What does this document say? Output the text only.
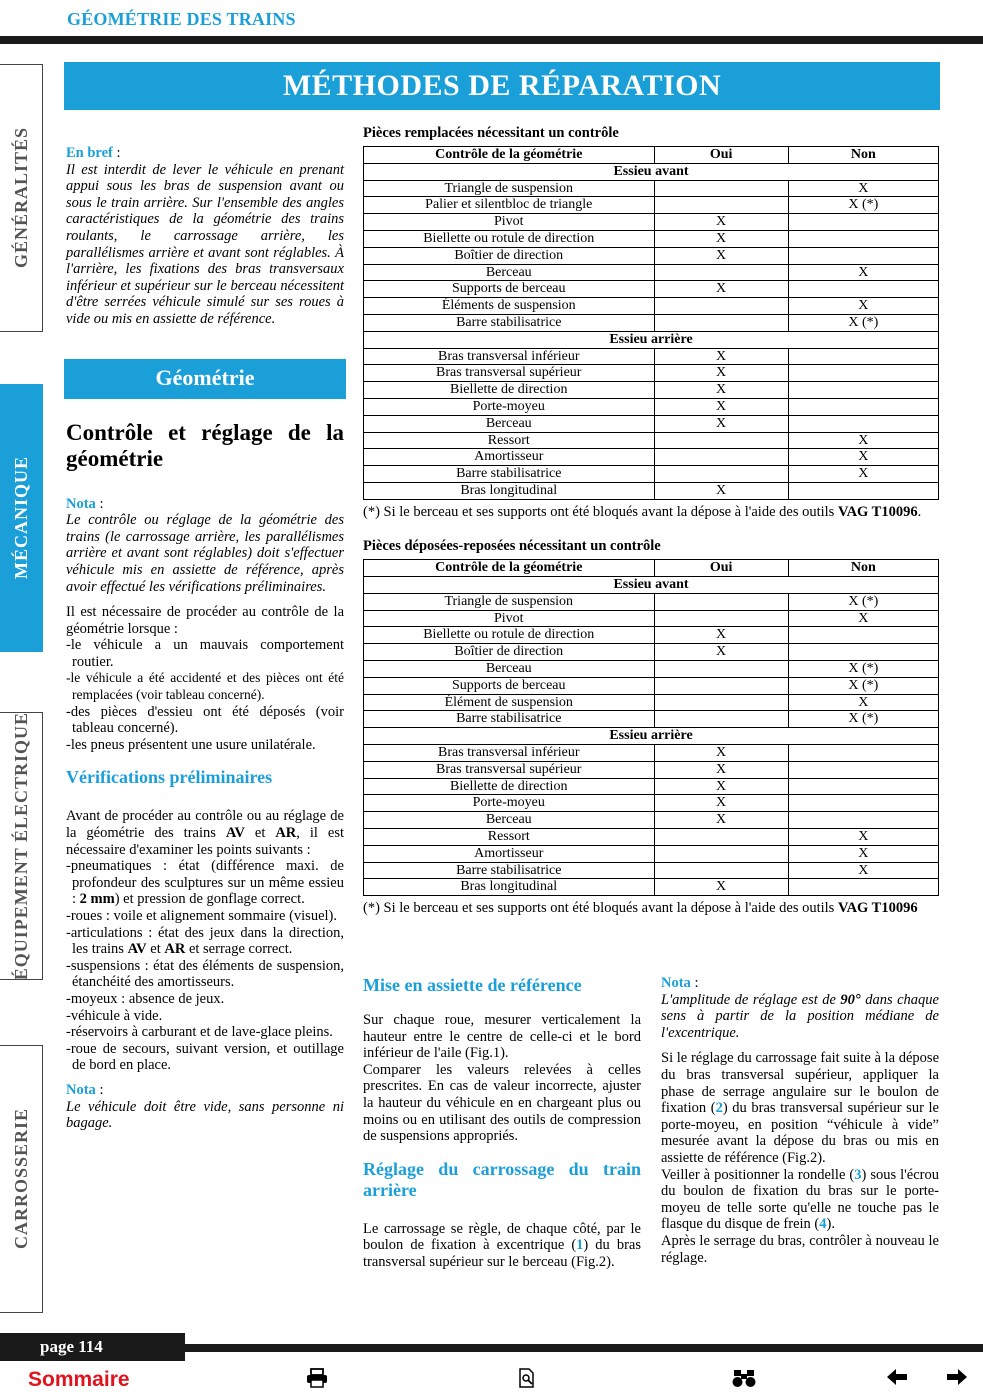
GÉOMÉTRIE DES TRAINS
GÉNÉRALITÉS
MÉCANIQUE
ÉQUIPEMENT ÉLECTRIQUE
CARROSSERIE
MÉTHODES DE RÉPARATION
En bref :

Il est interdit de lever le véhicule en prenant appui sous les bras de suspension avant ou sous le train arrière. Sur l'ensemble des angles caractéristiques de la géométrie des trains roulants, le carrossage arrière, les parallélismes arrière et avant sont réglables. À l'arrière, les fixations des bras transversaux inférieur et supérieur sur le berceau nécessitent d'être serrées véhicule simulé sur ses roues à vide ou mis en assiette de référence.

Géométrie
Contrôle et réglage de la géométrie
Nota :

Le contrôle ou réglage de la géométrie des trains (le carrossage arrière, les parallélismes arrière et avant sont réglables) doit s'effectuer véhicule mis en assiette de référence, après avoir effectué les vérifications préliminaires.

Il est nécessaire de procéder au contrôle de la géométrie lorsque :

-le véhicule a un mauvais comportement routier.
-le véhicule a été accidenté et des pièces ont été remplacées (voir tableau concerné).
-des pièces d'essieu ont été déposés (voir tableau concerné).
-les pneus présentent une usure unilatérale.
Vérifications préliminaires

Avant de procéder au contrôle ou au réglage de la géométrie des trains AV et AR, il est nécessaire d'examiner les points suivants :

-pneumatiques : état (différence maxi. de profondeur des sculptures sur un même essieu : 2 mm) et pression de gonflage correct.
-roues : voile et alignement sommaire (visuel).
-articulations : état des jeux dans la direction, les trains AV et AR et serrage correct.
-suspensions : état des éléments de suspension, étanchéité des amortisseurs.
-moyeux : absence de jeux.
-véhicule à vide.
-réservoirs à carburant et de lave-glace pleins.
-roue de secours, suivant version, et outillage de bord en place.
Nota :

Le véhicule doit être vide, sans personne ni bagage.

Pièces remplacées nécessitant un contrôle
Contrôle de la géométrie	Oui	Non
Essieu avant		
Triangle de suspension		X
Palier et silentbloc de triangle		X (*)
Pivot	X	
Biellette ou rotule de direction	X	
Boîtier de direction	X	
Berceau		X
Supports de berceau	X	
Éléments de suspension		X
Barre stabilisatrice		X (*)
Essieu arrière		
Bras transversal inférieur	X	
Bras transversal supérieur	X	
Biellette de direction	X	
Porte-moyeu	X	
Berceau	X	
Ressort		X
Amortisseur		X
Barre stabilisatrice		X
Bras longitudinal	X	
(*) Si le berceau et ses supports ont été bloqués avant la dépose à l'aide des outils VAG T10096.
Pièces déposées-reposées nécessitant un contrôle
Contrôle de la géométrie	Oui	Non
Essieu avant		
Triangle de suspension		X (*)
Pivot		X
Biellette ou rotule de direction	X	
Boîtier de direction	X	
Berceau		X (*)
Supports de berceau		X (*)
Élément de suspension		X
Barre stabilisatrice		X (*)
Essieu arrière		
Bras transversal inférieur	X	
Bras transversal supérieur	X	
Biellette de direction	X	
Porte-moyeu	X	
Berceau	X	
Ressort		X
Amortisseur		X
Barre stabilisatrice		X
Bras longitudinal	X	
(*) Si le berceau et ses supports ont été bloqués avant la dépose à l'aide des outils VAG T10096
Mise en assiette de référence

Sur chaque roue, mesurer verticalement la hauteur entre le centre de celle-ci et le bord inférieur de l'aile (Fig.1).

Comparer les valeurs relevées à celles prescrites. En cas de valeur incorrecte, ajuster la hauteur du véhicule en en chargeant plus ou moins ou en utilisant des outils de compression de suspensions appropriés.

Réglage du carrossage du train arrière

Le carrossage se règle, de chaque côté, par le boulon de fixation à excentrique (1) du bras transversal supérieur sur le berceau (Fig.2).

Nota :

L'amplitude de réglage est de 90° dans chaque sens à partir de la position médiane de l'excentrique.

Si le réglage du carrossage fait suite à la dépose du bras transversal supérieur, appliquer la phase de serrage angulaire sur le boulon de fixation (2) du bras transversal supérieur sur le porte-moyeu, en position “véhicule à vide” mesurée avant la dépose du bras ou mis en assiette de référence (Fig.2).

Veiller à positionner la rondelle (3) sous l'écrou du boulon de fixation du bras sur le porte-moyeu de telle sorte qu'elle ne touche pas le flasque du disque de frein (4).

Après le serrage du bras, contrôler à nouveau le réglage.

page 114
Sommaire
